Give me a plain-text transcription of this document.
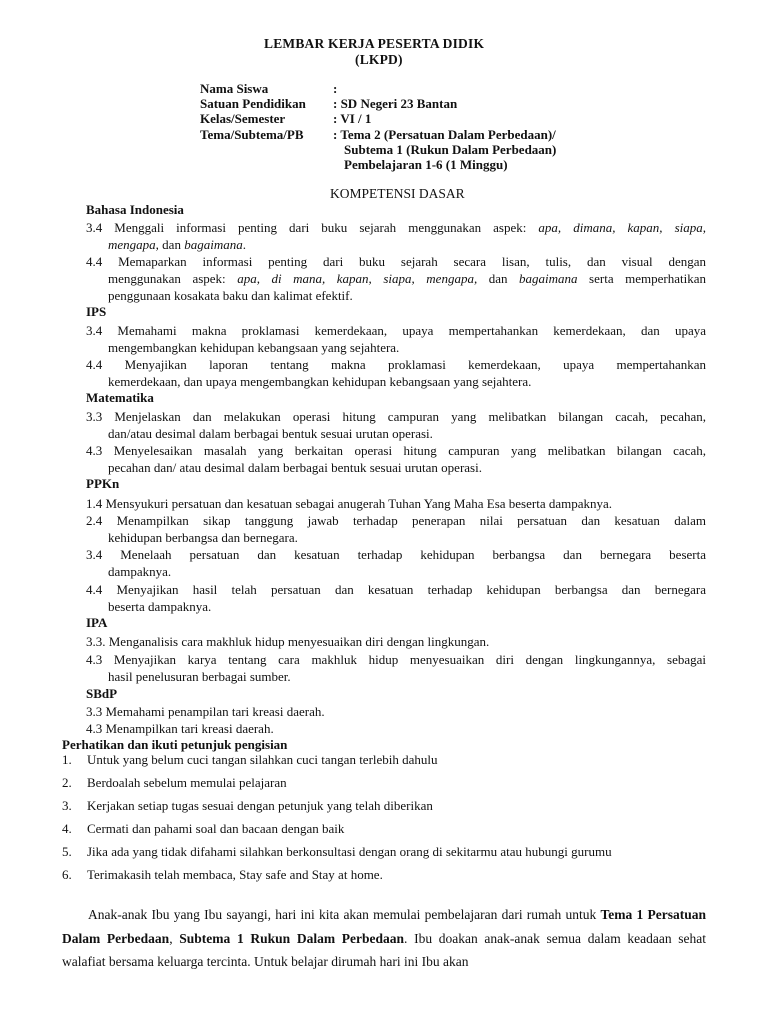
LEMBAR KERJA PESERTA DIDIK
(LKPD)
Nama Siswa	:
Satuan Pendidikan : SD Negeri 23 Bantan
Kelas/Semester	: VI / 1
Tema/Subtema/PB : Tema 2 (Persatuan Dalam Perbedaan)/
Subtema 1 (Rukun Dalam Perbedaan)
Pembelajaran 1-6 (1 Minggu)
KOMPETENSI DASAR
Bahasa Indonesia
3.4 Menggali informasi penting dari buku sejarah menggunakan aspek: apa, dimana, kapan, siapa,
mengapa, dan bagaimana.
4.4 Memaparkan informasi penting dari buku sejarah secara lisan, tulis, dan visual dengan
menggunakan aspek: apa, di mana, kapan, siapa, mengapa, dan bagaimana serta memperhatikan
penggunaan kosakata baku dan kalimat efektif.
IPS
3.4 Memahami makna proklamasi kemerdekaan, upaya mempertahankan kemerdekaan, dan upaya
mengembangkan kehidupan kebangsaan yang sejahtera.
4.4 Menyajikan laporan tentang makna proklamasi kemerdekaan, upaya mempertahankan
kemerdekaan, dan upaya mengembangkan kehidupan kebangsaan yang sejahtera.
Matematika
3.3 Menjelaskan dan melakukan operasi hitung campuran yang melibatkan bilangan cacah, pecahan,
dan/atau desimal dalam berbagai bentuk sesuai urutan operasi.
4.3 Menyelesaikan masalah yang berkaitan operasi hitung campuran yang melibatkan bilangan cacah,
pecahan dan/ atau desimal dalam berbagai bentuk sesuai urutan operasi.
PPKn
1.4 Mensyukuri persatuan dan kesatuan sebagai anugerah Tuhan Yang Maha Esa beserta dampaknya.
2.4 Menampilkan sikap tanggung jawab terhadap penerapan nilai persatuan dan kesatuan dalam
kehidupan berbangsa dan bernegara.
3.4 Menelaah persatuan dan kesatuan terhadap kehidupan berbangsa dan bernegara beserta
dampaknya.
4.4 Menyajikan hasil telah persatuan dan kesatuan terhadap kehidupan berbangsa dan bernegara
beserta dampaknya.
IPA
3.3. Menganalisis cara makhluk hidup menyesuaikan diri dengan lingkungan.
4.3 Menyajikan karya tentang cara makhluk hidup menyesuaikan diri dengan lingkungannya, sebagai
hasil penelusuran berbagai sumber.
SBdP
3.3 Memahami penampilan tari kreasi daerah.
4.3 Menampilkan tari kreasi daerah.
Perhatikan dan ikuti petunjuk pengisian
1. Untuk yang belum cuci tangan silahkan cuci tangan terlebih dahulu
2. Berdoalah sebelum memulai pelajaran
3. Kerjakan setiap tugas sesuai dengan petunjuk yang telah diberikan
4. Cermati dan pahami soal dan bacaan dengan baik
5. Jika ada yang tidak difahami silahkan berkonsultasi dengan orang di sekitarmu atau hubungi gurumu
6. Terimakasih telah membaca, Stay safe and Stay at home.
Anak-anak Ibu yang Ibu sayangi, hari ini kita akan memulai pembelajaran dari rumah untuk Tema 1 Persatuan Dalam Perbedaan, Subtema 1 Rukun Dalam Perbedaan. Ibu doakan anak-anak semua dalam keadaan sehat walafiat bersama keluarga tercinta. Untuk belajar dirumah hari ini Ibu akan
